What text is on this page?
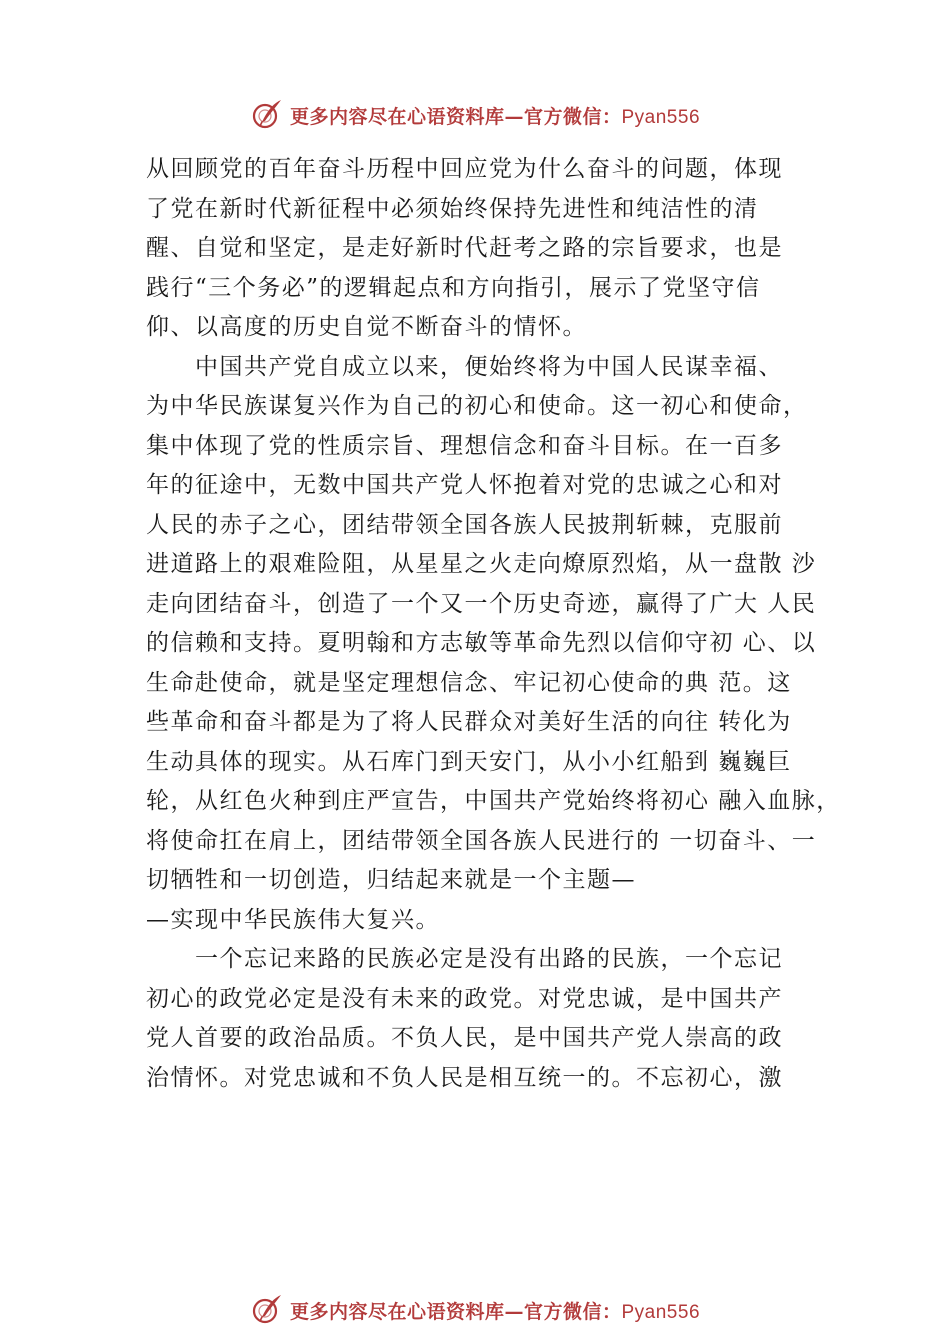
更多内容尽在心语资料库—官方微信：Pyan556
从回顾党的百年奋斗历程中回应党为什么奋斗的问题，体现
了党在新时代新征程中必须始终保持先进性和纯洁性的清
醒、自觉和坚定，是走好新时代赶考之路的宗旨要求，也是
践行“三个务必”的逻辑起点和方向指引，展示了党坚守信
仰、以高度的历史自觉不断奋斗的情怀。
　　中国共产党自成立以来，便始终将为中国人民谋幸福、
为中华民族谋复兴作为自己的初心和使命。这一初心和使命，
集中体现了党的性质宗旨、理想信念和奋斗目标。在一百多
年的征途中，无数中国共产党人怀抱着对党的忠诚之心和对
人民的赤子之心，团结带领全国各族人民披荆斩棘，克服前
进道路上的艰难险阻，从星星之火走向燎原烈焰，从一盘散 沙
走向团结奋斗，创造了一个又一个历史奇迹，赢得了广大 人民
的信赖和支持。夏明翰和方志敏等革命先烈以信仰守初 心、以
生命赴使命，就是坚定理想信念、牢记初心使命的典 范。这
些革命和奋斗都是为了将人民群众对美好生活的向往 转化为
生动具体的现实。从石库门到天安门，从小小红船到 巍巍巨
轮，从红色火种到庄严宣告，中国共产党始终将初心 融入血脉，
将使命扛在肩上，团结带领全国各族人民进行的 一切奋斗、一
切牺牲和一切创造，归结起来就是一个主题—
—实现中华民族伟大复兴。
　　一个忘记来路的民族必定是没有出路的民族，一个忘记
初心的政党必定是没有未来的政党。对党忠诚，是中国共产
党人首要的政治品质。不负人民，是中国共产党人崇高的政
治情怀。对党忠诚和不负人民是相互统一的。不忘初心，激
更多内容尽在心语资料库—官方微信：Pyan556
